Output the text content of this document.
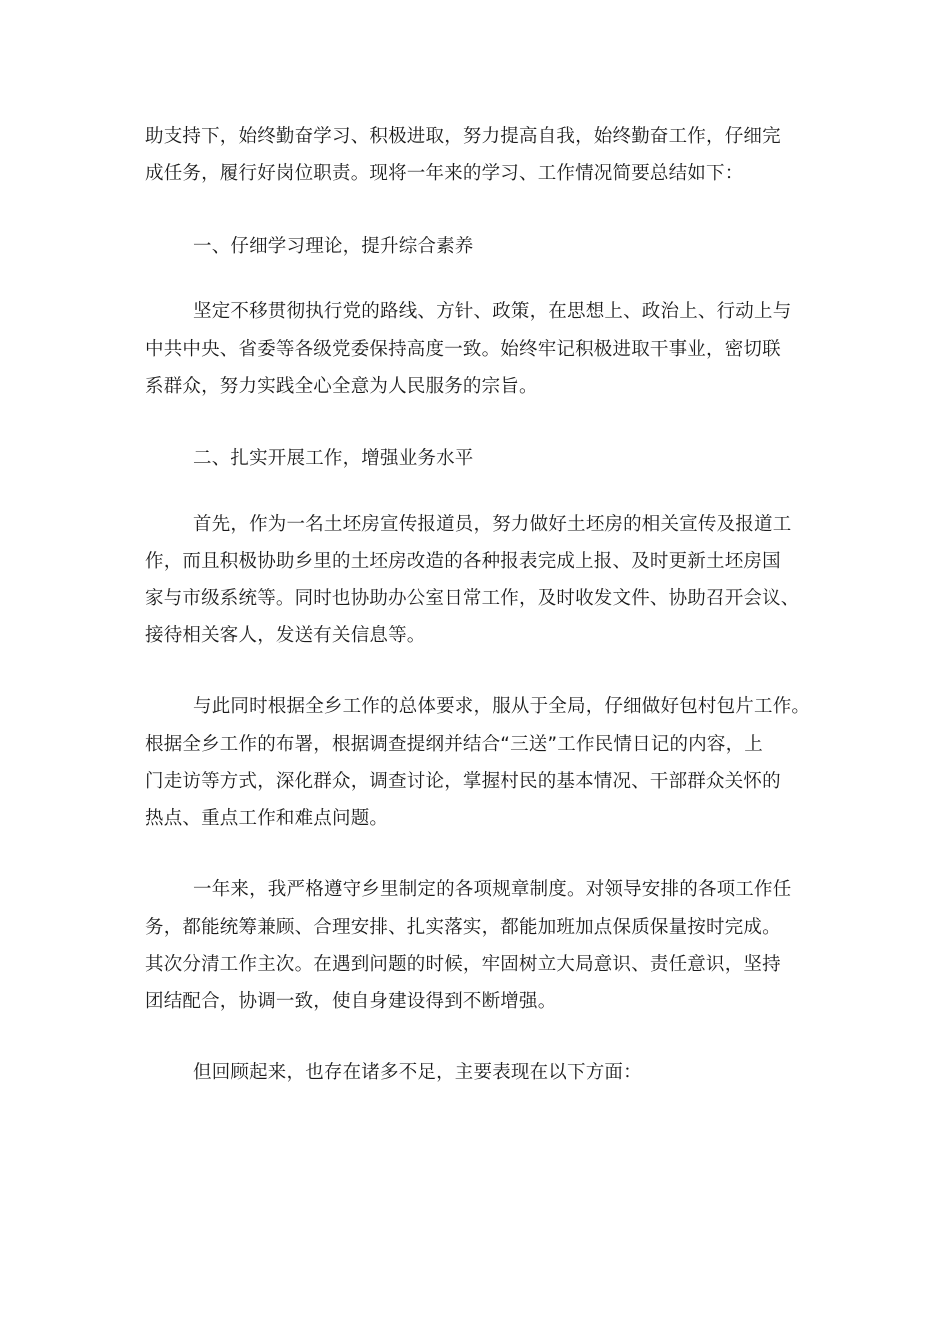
助支持下，始终勤奋学习、积极进取，努力提高自我，始终勤奋工作，仔细完
成任务，履行好岗位职责。现将一年来的学习、工作情况简要总结如下：
一、仔细学习理论，提升综合素养
坚定不移贯彻执行党的路线、方针、政策，在思想上、政治上、行动上与
中共中央、省委等各级党委保持高度一致。始终牢记积极进取干事业，密切联
系群众，努力实践全心全意为人民服务的宗旨。
二、扎实开展工作，增强业务水平
首先，作为一名土坯房宣传报道员，努力做好土坯房的相关宣传及报道工
作，而且积极协助乡里的土坯房改造的各种报表完成上报、及时更新土坯房国
家与市级系统等。同时也协助办公室日常工作，及时收发文件、协助召开会议、
接待相关客人，发送有关信息等。
与此同时根据全乡工作的总体要求，服从于全局，仔细做好包村包片工作。
根据全乡工作的布署，根据调查提纲并结合“三送”工作民情日记的内容，上
门走访等方式，深化群众，调查讨论，掌握村民的基本情况、干部群众关怀的
热点、重点工作和难点问题。
一年来，我严格遵守乡里制定的各项规章制度。对领导安排的各项工作任
务，都能统筹兼顾、合理安排、扎实落实，都能加班加点保质保量按时完成。
其次分清工作主次。在遇到问题的时候，牢固树立大局意识、责任意识，坚持
团结配合，协调一致，使自身建设得到不断增强。
但回顾起来，也存在诸多不足，主要表现在以下方面：
